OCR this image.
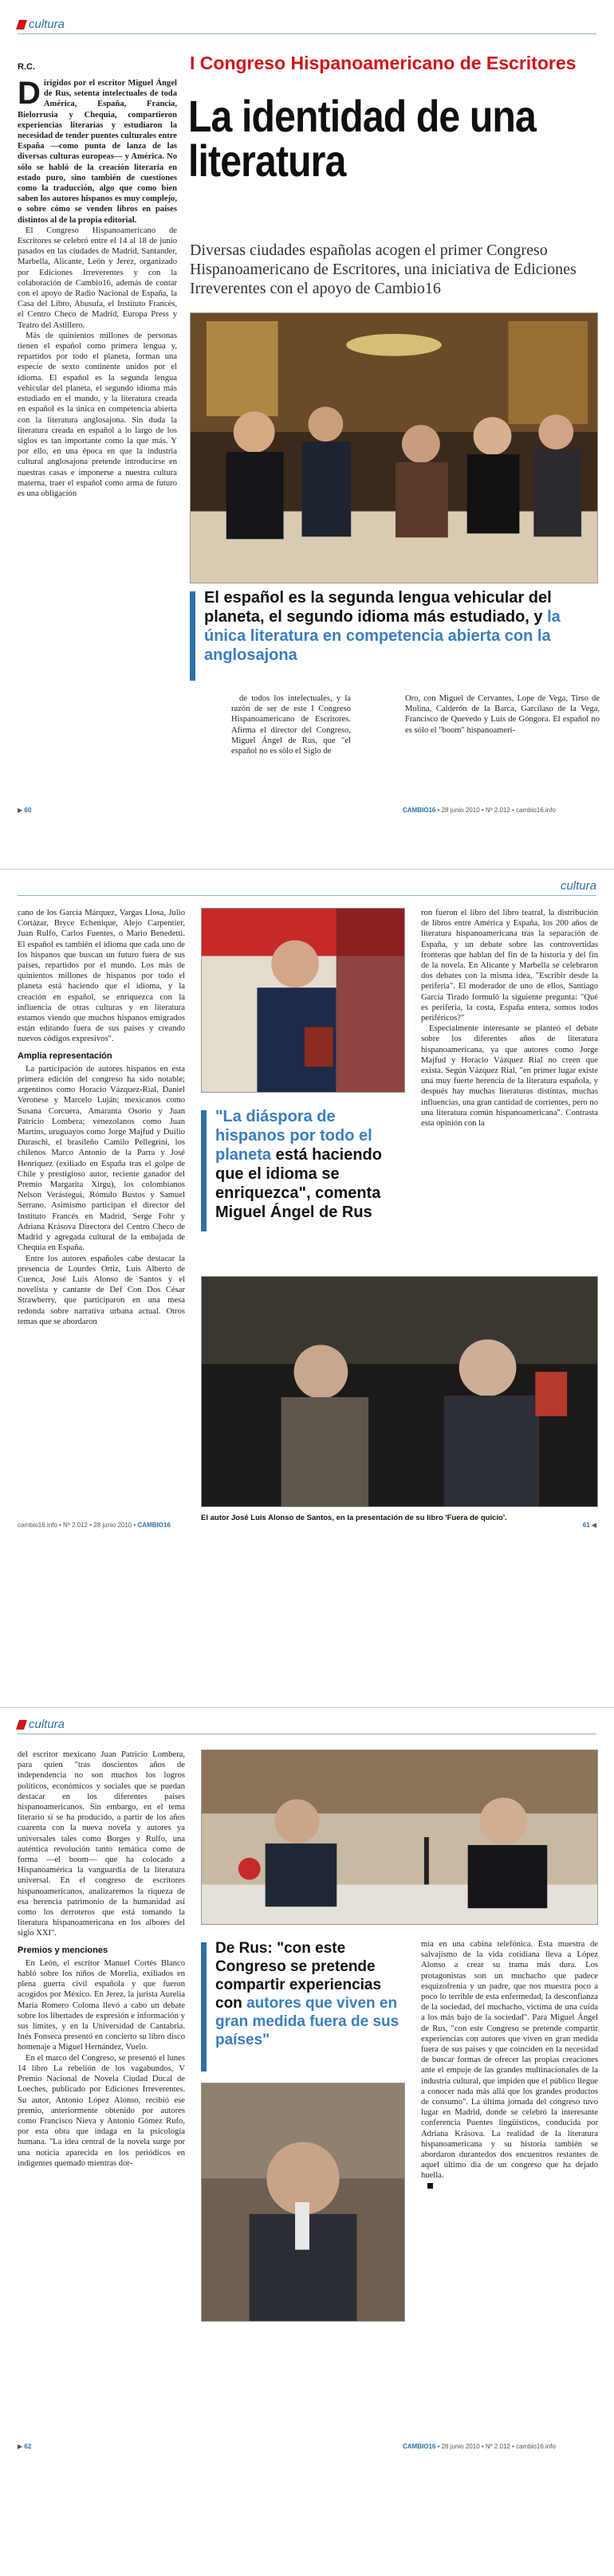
cultura
R.C.

Dirigidos por el escritor Miguel Ángel de Rus, setenta intelectuales de toda América, España, Francia, Bielorrusia y Chequia, compartieron experiencias literarias y estudiaron la necesidad de tender puentes culturales entre España —como punta de lanza de las diversas culturas europeas— y América. No sólo se habló de la creación literaria en estado puro, sino también de cuestiones como la traducción, algo que como bien saben los autores hispanos es muy complejo, o sobre cómo se venden libros en países distintos al de la propia editorial.

El Congreso Hispanoamericano de Escritores se celebró entre el 14 al 18 de junio pasados en las ciudades de Madrid, Santander, Marbella, Alicante, León y Jerez, organizado por Ediciones Irreverentes y con la colaboración de Cambio16, además de contar con el apoyo de Radio Nacional de España, la Casa del Libro, Abusufa, el Instituto Francés, el Centro Checo de Madrid, Europa Press y Teatro del Astillero.

Más de quinientos millones de personas tienen el español como primera lengua y, repartidos por todo el planeta, forman una especie de sexto continente unidos por el idioma. El español es la segunda lengua vehicular del planeta, el segundo idioma más estudiado en el mundo, y la literatura creada en español es la única en competencia abierta con la literatura anglosajona. Sin duda la literatura creada en español a lo largo de los siglos es tan importante como la que más. Y por ello, en una época en que la industria cultural anglosajona pretende introducirse en nuestras casas e imponerse a nuestra cultura materna, traer el español como arma de futuro es una obligación

I Congreso Hispanoamericano de Escritores
La identidad de una literatura
Diversas ciudades españolas acogen el primer Congreso Hispanoamericano de Escritores, una iniciativa de Ediciones Irreverentes con el apoyo de Cambio16
El español es la segunda lengua vehicular del planeta, el segundo idioma más estudiado, y la única literatura en competencia abierta con la anglosajona

de todos los intelectuales, y la razón de ser de este I Congreso Hispanoamericano de Escritores. Afirma el director del Congreso, Miguel Ángel de Rus, que "el español no es sólo el Siglo de

Oro, con Miguel de Cervantes, Lope de Vega, Tirso de Molina, Calderón de la Barca, Garcilaso de la Vega, Francisco de Quevedo y Luis de Góngora. El español no es sólo el "boom" hispanoameri-

▶ 60	CAMBIO16 • 28 junio 2010 • Nº 2.012 • cambio16.info
cultura

cano de los García Márquez, Vargas Llosa, Julio Cortázar, Bryce Echenique, Alejo Carpentier, Juan Rulfo, Carlos Fuentes, o Mario Benedetti. El español es también el idioma que cada uno de los hispanos que buscan un futuro fuera de sus países, repartidos por el mundo. Los más de quinientos millones de hispanos por todo el planeta está haciendo que el idioma, y la creación en español, se enriquezca con la influencia de otras culturas y en literatura estamos viendo que muchos hispanos emigrados están editando fuera de sus países y creando nuevos códigos expresivos".

Amplia representación

La participación de autores hispanos en esta primera edición del congreso ha sido notable; argentinos como Horacio Vázquez-Rial, Daniel Veronese y Marcelo Luján; mexicanos como Susana Corcuera, Amaranta Osorio y Juan Patricio Lombera; venezolanos como Juan Martins, uruguayos como Jorge Majfud y Duilio Duraschi, el brasileño Camilo Pellegrini, los chilenos Marco Antonio de la Parra y José Henríquez (exiliado en España tras el golpe de Chile y prestigioso autor, reciente ganador del Premio Margarita Xirgu), los colombianos Nelson Verástegui, Rómulo Bustos y Samuel Serrano. Asimismo participan el director del Instituto Francés en Madrid, Serge Fohr y Adriana Krásova Directora del Centro Checo de Madrid y agregada cultural de la embajada de Chequia en España.

Entre los autores españoles cabe destacar la presencia de Lourdes Ortiz, Luis Alberto de Cuenca, José Luis Alonso de Santos y el novelista y cantante de Def Con Dos César Strawberry, que participaron en una mesa redonda sobre narrativa urbana actual. Otros temas que se abordaron

ron fueron el libro del libro teatral, la distribución de libros entre América y España, los 200 años de literatura hispanoamericana tras la separación de España, y un debate sobre las controvertidas fronteras que hablan del fin de la historia y del fin de la novela. En Alicante y Marbella se celebraron dos debates con la misma idea, "Escribir desde la periferia". El moderador de uno de ellos, Santiago García Tirado formuló la siguiente pregunta: "Qué es periferia, la costa, España entera, somos todos periféricos?"

Especialmente interesante se planteó el debate sobre los diferentes años de literatura hispanoamericana, ya que autores como Jorge Majfud y Horacio Vázquez Rial no creen que exista. Según Vázquez Rial, "en primer lugar existe una muy fuerte herencia de la literatura española, y después hay muchas literaturas distintas, muchas influencias, una gran cantidad de corrientes, pero no una literatura común hispanoamericana". Contrasta esta opinión con la

"La diáspora de hispanos por todo el planeta está haciendo que el idioma se enriquezca", comenta Miguel Ángel de Rus
El autor José Luis Alonso de Santos, en la presentación de su libro 'Fuera de quicio'.
cambio16.info • Nº 2.012 • 28 junio 2010 • CAMBIO16	61 ◀
cultura

del escritor mexicano Juan Patricio Lombera, para quien "tras doscientos años de independencia no son muchos los logros políticos, económicos y sociales que se puedan destacar en los diferentes países hispanoamericanos. Sin embargo, en el tema literario sí se ha producido, a partir de los años cuarenta con la nueva novela y autores ya universales tales como Borges y Rulfo, una auténtica revolución tanto temática como de forma —el boom— que ha colocado a Hispanoamérica la vanguardia de la literatura universal. En el congreso de escritores hispanoamericanos, analizaremos la riqueza de esa herencia patrimonio de la humanidad así como los derroteros que está tomando la literatura hispanoamericana en los albores del siglo XXI".

Premios y menciones

En León, el escritor Manuel Cortés Blanco habló sobre los niños de Morelia, exiliados en plena guerra civil española y que fueron acogidos por México. En Jerez, la jurista Aurelia María Romero Coloma llevó a cabo un debate sobre los libertades de expresión e información y sus límites, y en la Universidad de Cantabria. Inés Fonseca presentó en concierto su libro disco homenaje a Miguel Hernández, Vuelo.

En el marco del Congreso, se presentó el lunes 14 libro La rebelión de los vagabundos, V Premio Nacional de Novela Ciudad Ducal de Loeches, publicado por Ediciones Irreverentes. Su autor, Antonio López Alonso, recibió ese premio, anteriormente obtenido por autores como Francisco Nieva y Antonio Gómez Rufo, por esta obra que indaga en la psicología humana. "La idea central de la novela surge por una noticia aparecida en los periódicos en indigentes quemado mientras dor-

De Rus: "con este Congreso se pretende compartir experiencias con autores que viven en gran medida fuera de sus países"

mía en una cabina telefónica. Esta muestra de salvajismo de la vida cotidiana lleva a López Alonso a crear su trama más dura. Los protagonistas son un muchacho que padece esquizofrenia y un padre, que nos muestra poco a poco lo terrible de esta enfermedad, la desconfianza de la sociedad, del muchacho, víctima de una cuida a los más bajo de la sociedad". Para Miguel Ángel de Rus, "con este Congreso se pretende compartir experiencias con autores que viven en gran medida fuera de sus países y que coinciden en la necesidad de buscar formas de ofrecer las propias creaciones ante el empuje de las grandes multinacionales de la industria cultural, que impiden que el público llegue a conocer nada más allá que los grandes productos de consumo". La última jornada del congreso tuvo lugar en Madrid, donde se celebró la interesante conferencia Puentes lingüísticos, conducida por Adriana Krásova. La realidad de la literatura hispanoamericana y su historia también se abordaron durantedos dos encuentros restantes de aquel último día de un congreso que ha dejado huella.

▶ 62	CAMBIO16 • 28 junio 2010 • Nº 2.012 • cambio16.info
